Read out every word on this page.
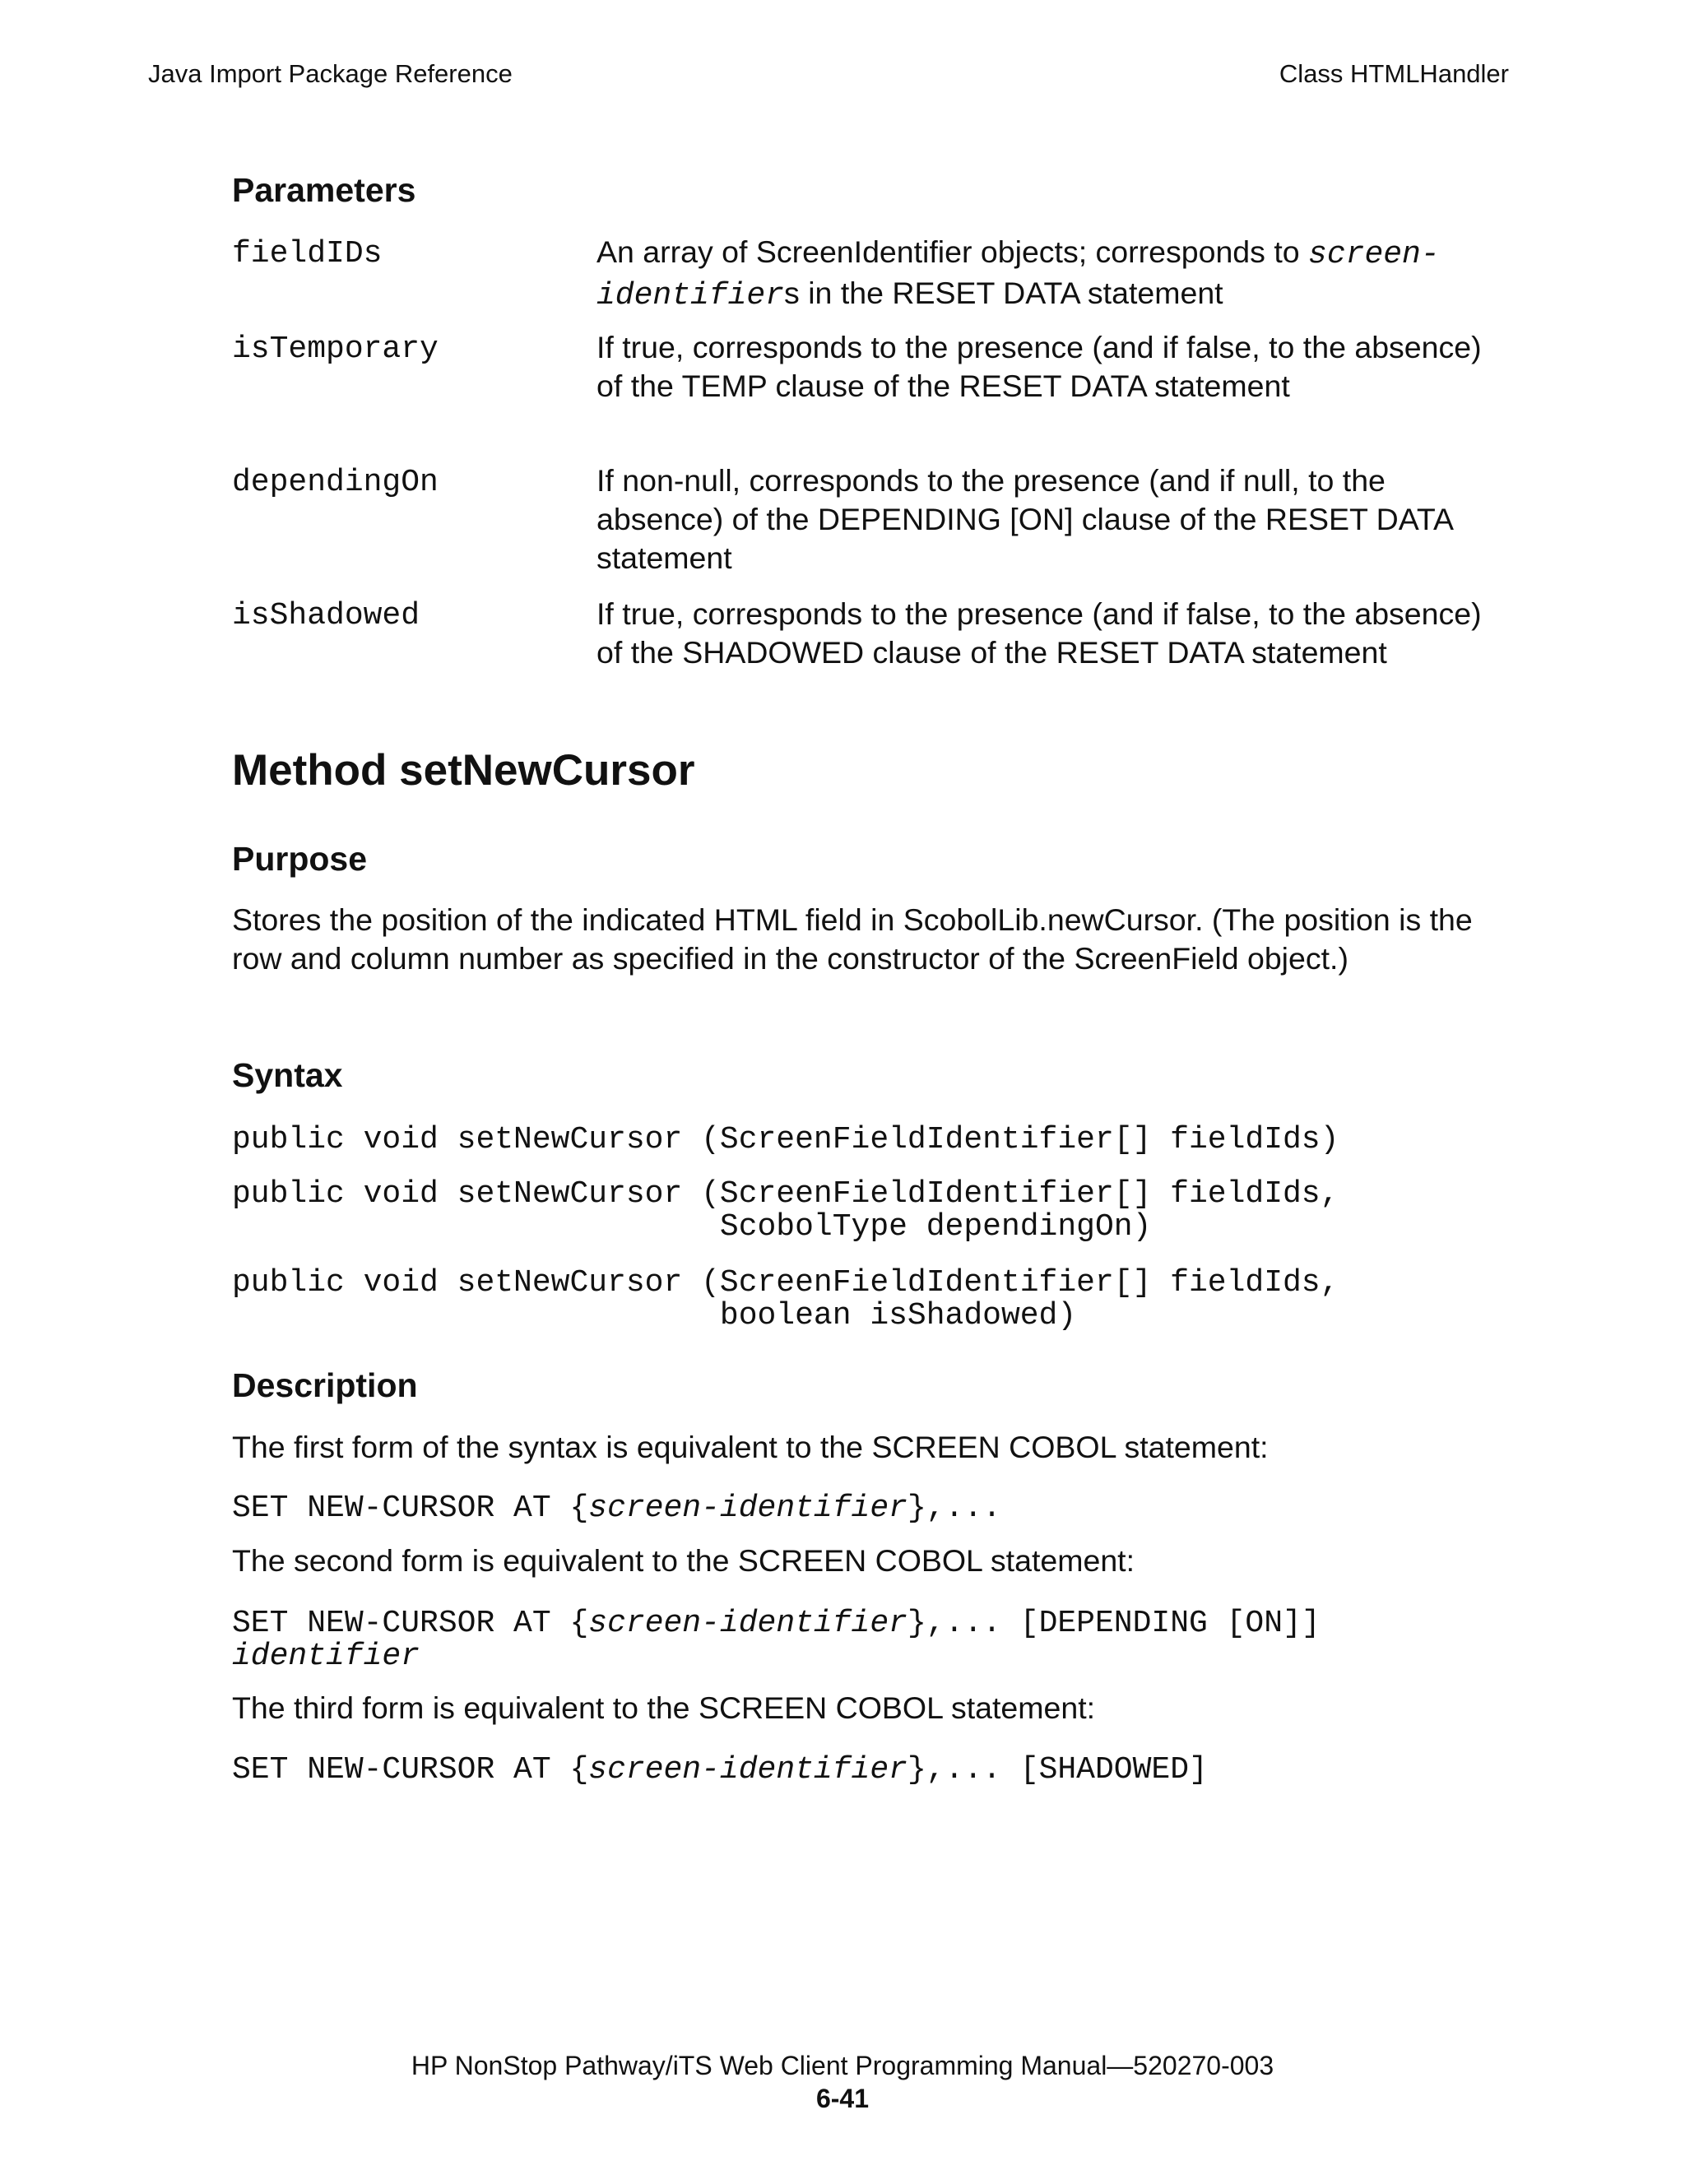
Java Import Package Reference	Class HTMLHandler
Parameters
fieldIDs	An array of ScreenIdentifier objects; corresponds to screen-identifiers in the RESET DATA statement
isTemporary	If true, corresponds to the presence (and if false, to the absence) of the TEMP clause of the RESET DATA statement
dependingOn	If non-null, corresponds to the presence (and if null, to the absence) of the DEPENDING [ON] clause of the RESET DATA statement
isShadowed	If true, corresponds to the presence (and if false, to the absence) of the SHADOWED clause of the RESET DATA statement
Method setNewCursor
Purpose
Stores the position of the indicated HTML field in ScobolLib.newCursor. (The position is the row and column number as specified in the constructor of the ScreenField object.)
Syntax
public void setNewCursor (ScreenFieldIdentifier[] fieldIds)
public void setNewCursor (ScreenFieldIdentifier[] fieldIds,
ScobolType dependingOn)
public void setNewCursor (ScreenFieldIdentifier[] fieldIds,
boolean isShadowed)
Description
The first form of the syntax is equivalent to the SCREEN COBOL statement:
SET NEW-CURSOR AT {screen-identifier},...
The second form is equivalent to the SCREEN COBOL statement:
SET NEW-CURSOR AT {screen-identifier},... [DEPENDING [ON]]
identifier
The third form is equivalent to the SCREEN COBOL statement:
SET NEW-CURSOR AT {screen-identifier},... [SHADOWED]
HP NonStop Pathway/iTS Web Client Programming Manual—520270-003
6-41
